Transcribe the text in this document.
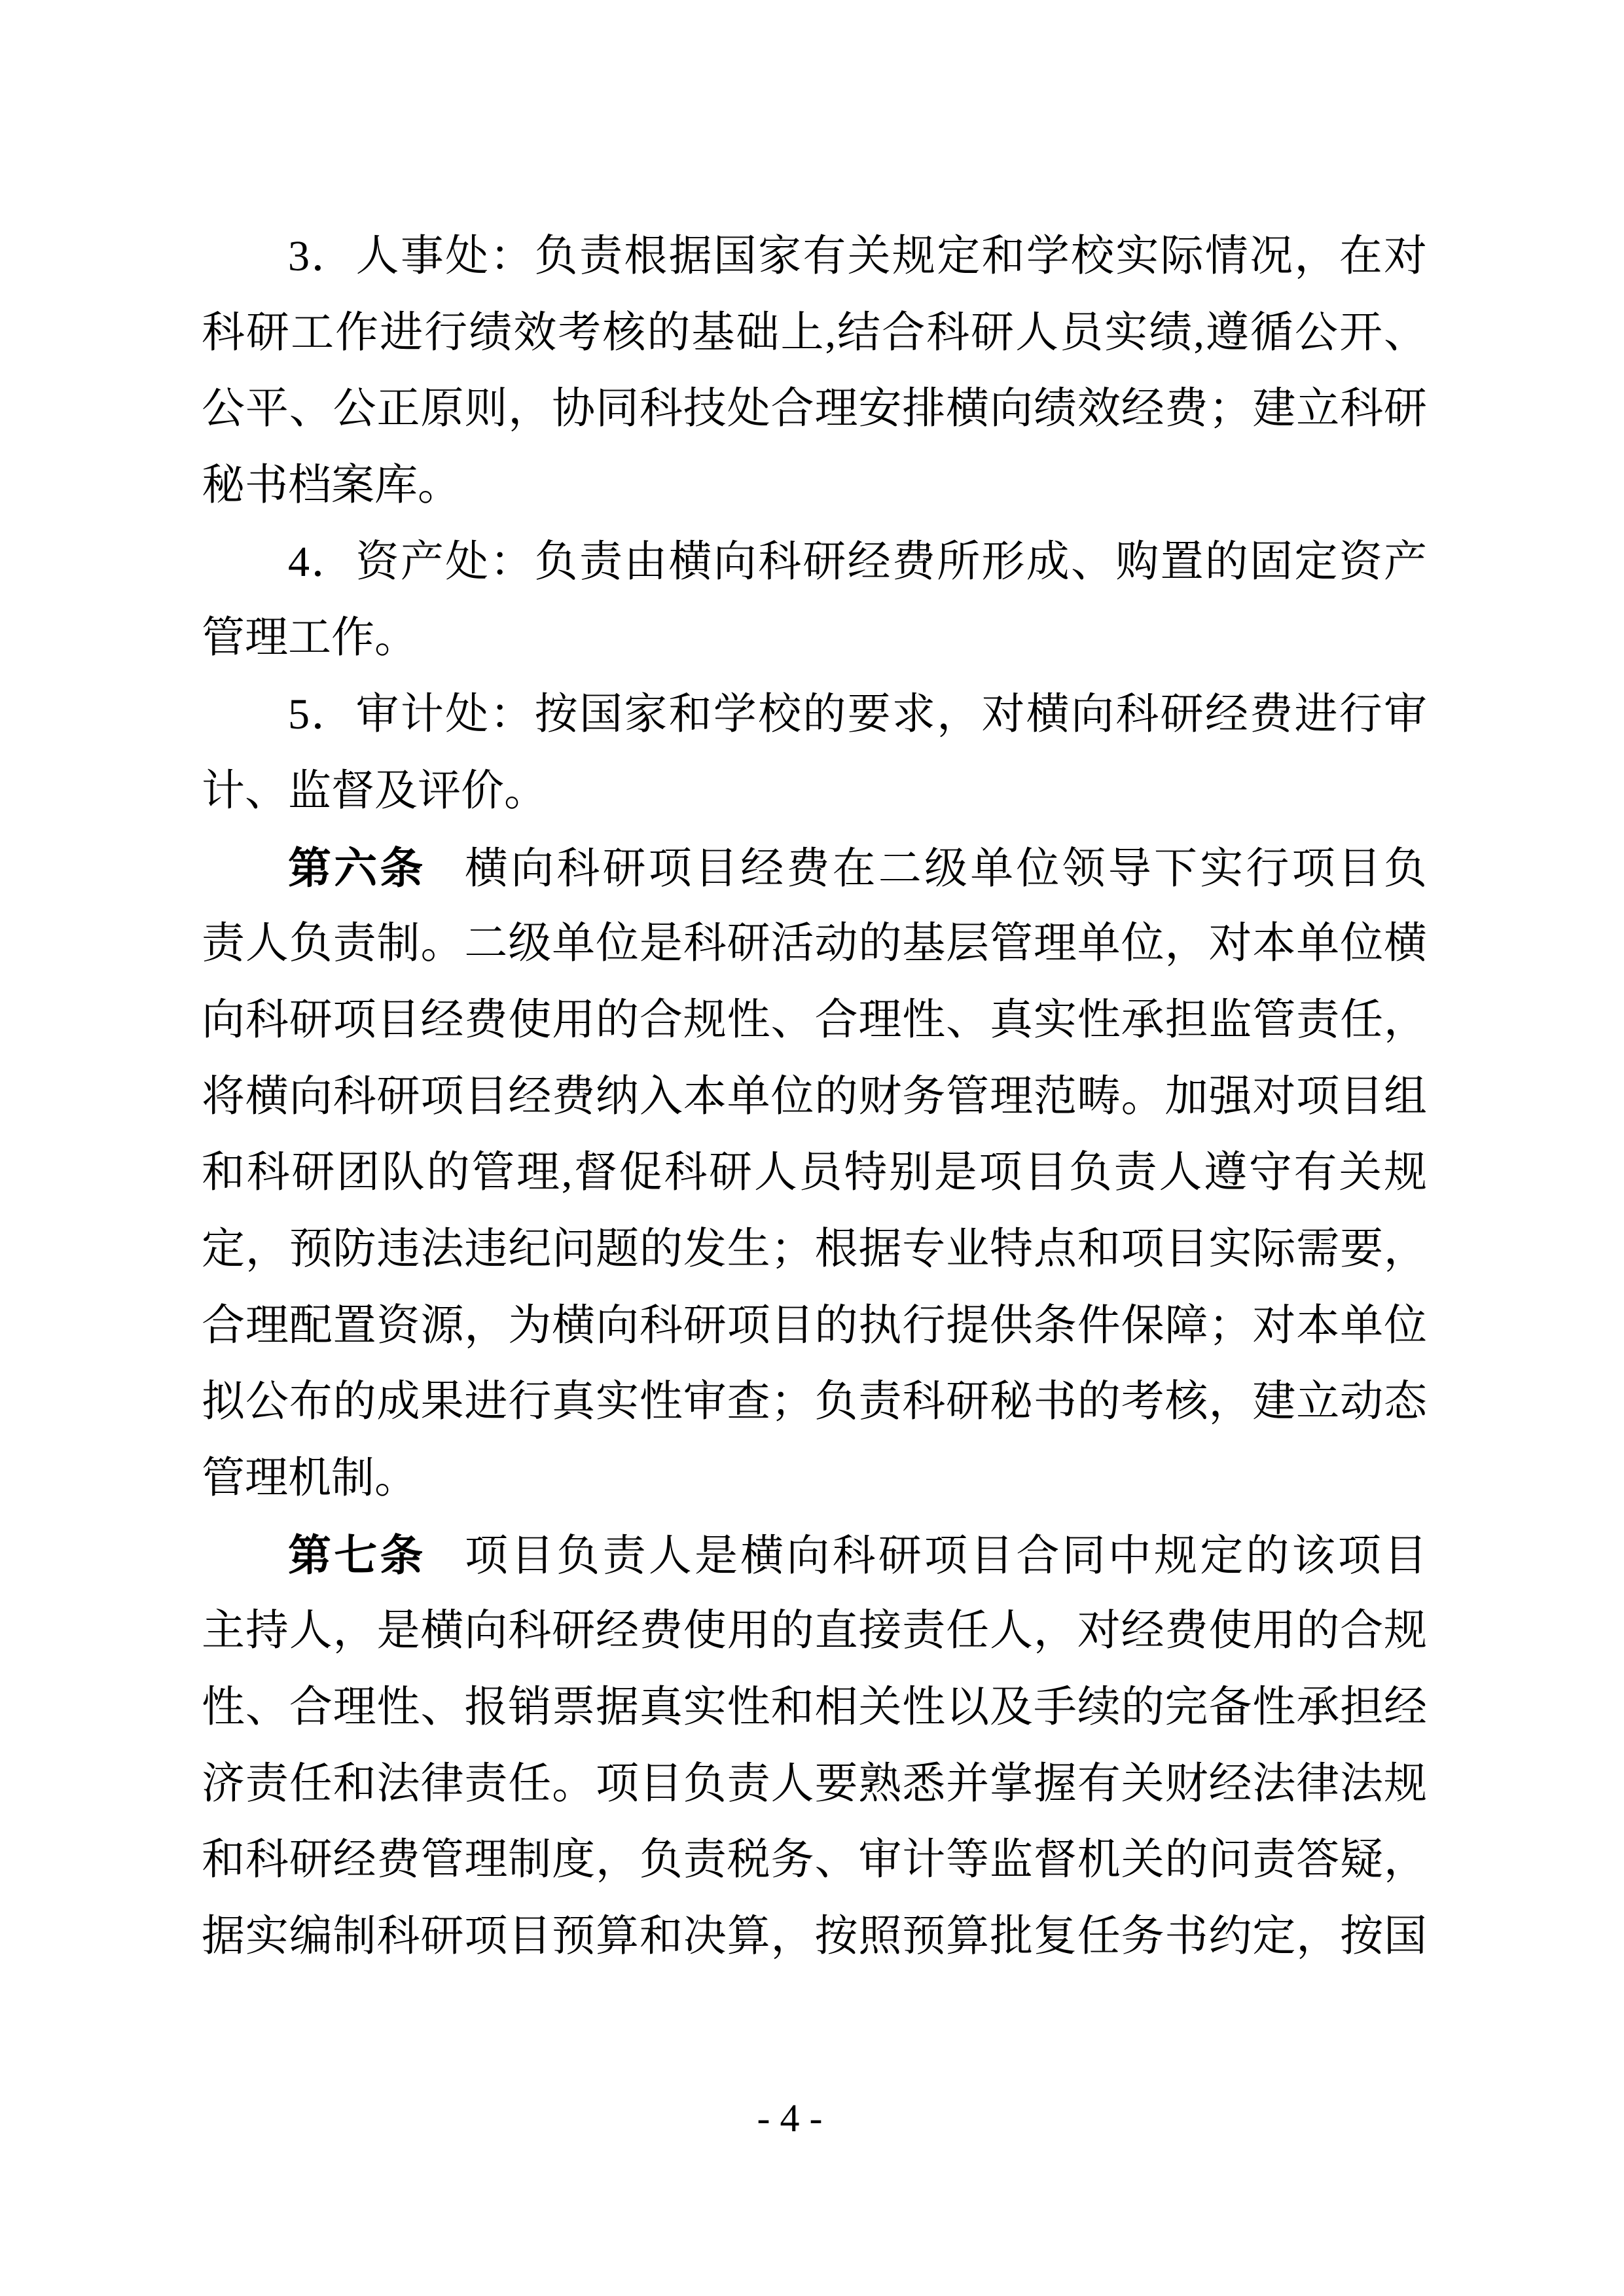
3．人事处：负责根据国家有关规定和学校实际情况，在对
科研工作进行绩效考核的基础上,结合科研人员实绩,遵循公开、
公平、公正原则，协同科技处合理安排横向绩效经费；建立科研
秘书档案库。
4．资产处：负责由横向科研经费所形成、购置的固定资产
管理工作。
5．审计处：按国家和学校的要求，对横向科研经费进行审
计、监督及评价。
第六条 横向科研项目经费在二级单位领导下实行项目负
责人负责制。二级单位是科研活动的基层管理单位，对本单位横
向科研项目经费使用的合规性、合理性、真实性承担监管责任，
将横向科研项目经费纳入本单位的财务管理范畴。加强对项目组
和科研团队的管理,督促科研人员特别是项目负责人遵守有关规
定，预防违法违纪问题的发生；根据专业特点和项目实际需要，
合理配置资源，为横向科研项目的执行提供条件保障；对本单位
拟公布的成果进行真实性审查；负责科研秘书的考核，建立动态
管理机制。
第七条 项目负责人是横向科研项目合同中规定的该项目
主持人，是横向科研经费使用的直接责任人，对经费使用的合规
性、合理性、报销票据真实性和相关性以及手续的完备性承担经
济责任和法律责任。项目负责人要熟悉并掌握有关财经法律法规
和科研经费管理制度，负责税务、审计等监督机关的问责答疑，
据实编制科研项目预算和决算，按照预算批复任务书约定，按国
- 4 -
